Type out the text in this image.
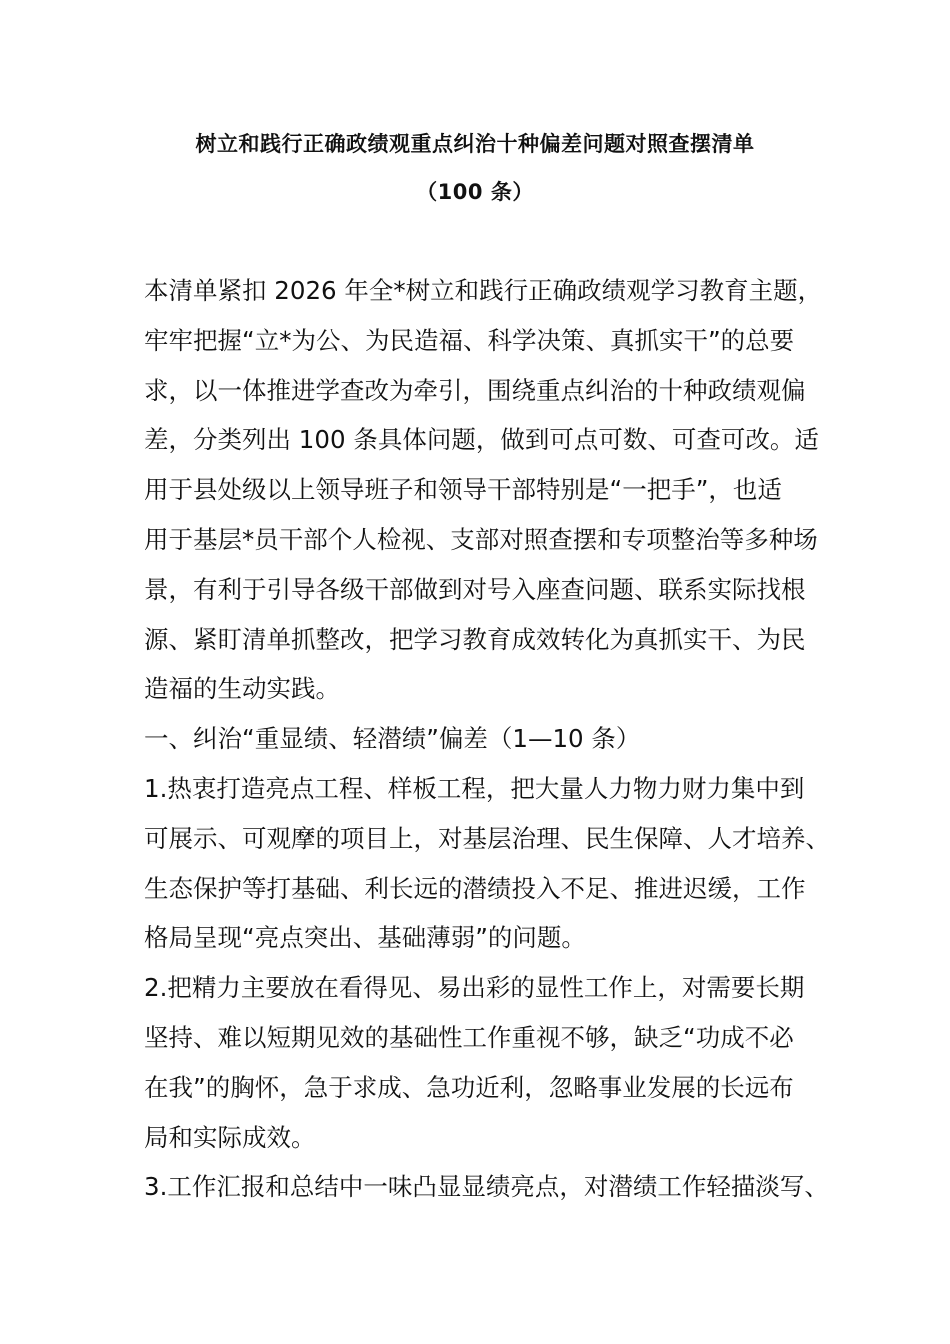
树立和践行正确政绩观重点纠治十种偏差问题对照查摆清单
（100 条）
本清单紧扣 2026 年全*树立和践行正确政绩观学习教育主题，
牢牢把握“立*为公、为民造福、科学决策、真抓实干”的总要
求，以一体推进学查改为牵引，围绕重点纠治的十种政绩观偏
差，分类列出 100 条具体问题，做到可点可数、可查可改。适
用于县处级以上领导班子和领导干部特别是“一把手”，也适
用于基层*员干部个人检视、支部对照查摆和专项整治等多种场
景，有利于引导各级干部做到对号入座查问题、联系实际找根
源、紧盯清单抓整改，把学习教育成效转化为真抓实干、为民
造福的生动实践。
一、纠治“重显绩、轻潜绩”偏差（1—10 条）
1.热衷打造亮点工程、样板工程，把大量人力物力财力集中到
可展示、可观摩的项目上，对基层治理、民生保障、人才培养、
生态保护等打基础、利长远的潜绩投入不足、推进迟缓，工作
格局呈现“亮点突出、基础薄弱”的问题。
2.把精力主要放在看得见、易出彩的显性工作上，对需要长期
坚持、难以短期见效的基础性工作重视不够，缺乏“功成不必
在我”的胸怀，急于求成、急功近利，忽略事业发展的长远布
局和实际成效。
3.工作汇报和总结中一味凸显显绩亮点，对潜绩工作轻描淡写、
